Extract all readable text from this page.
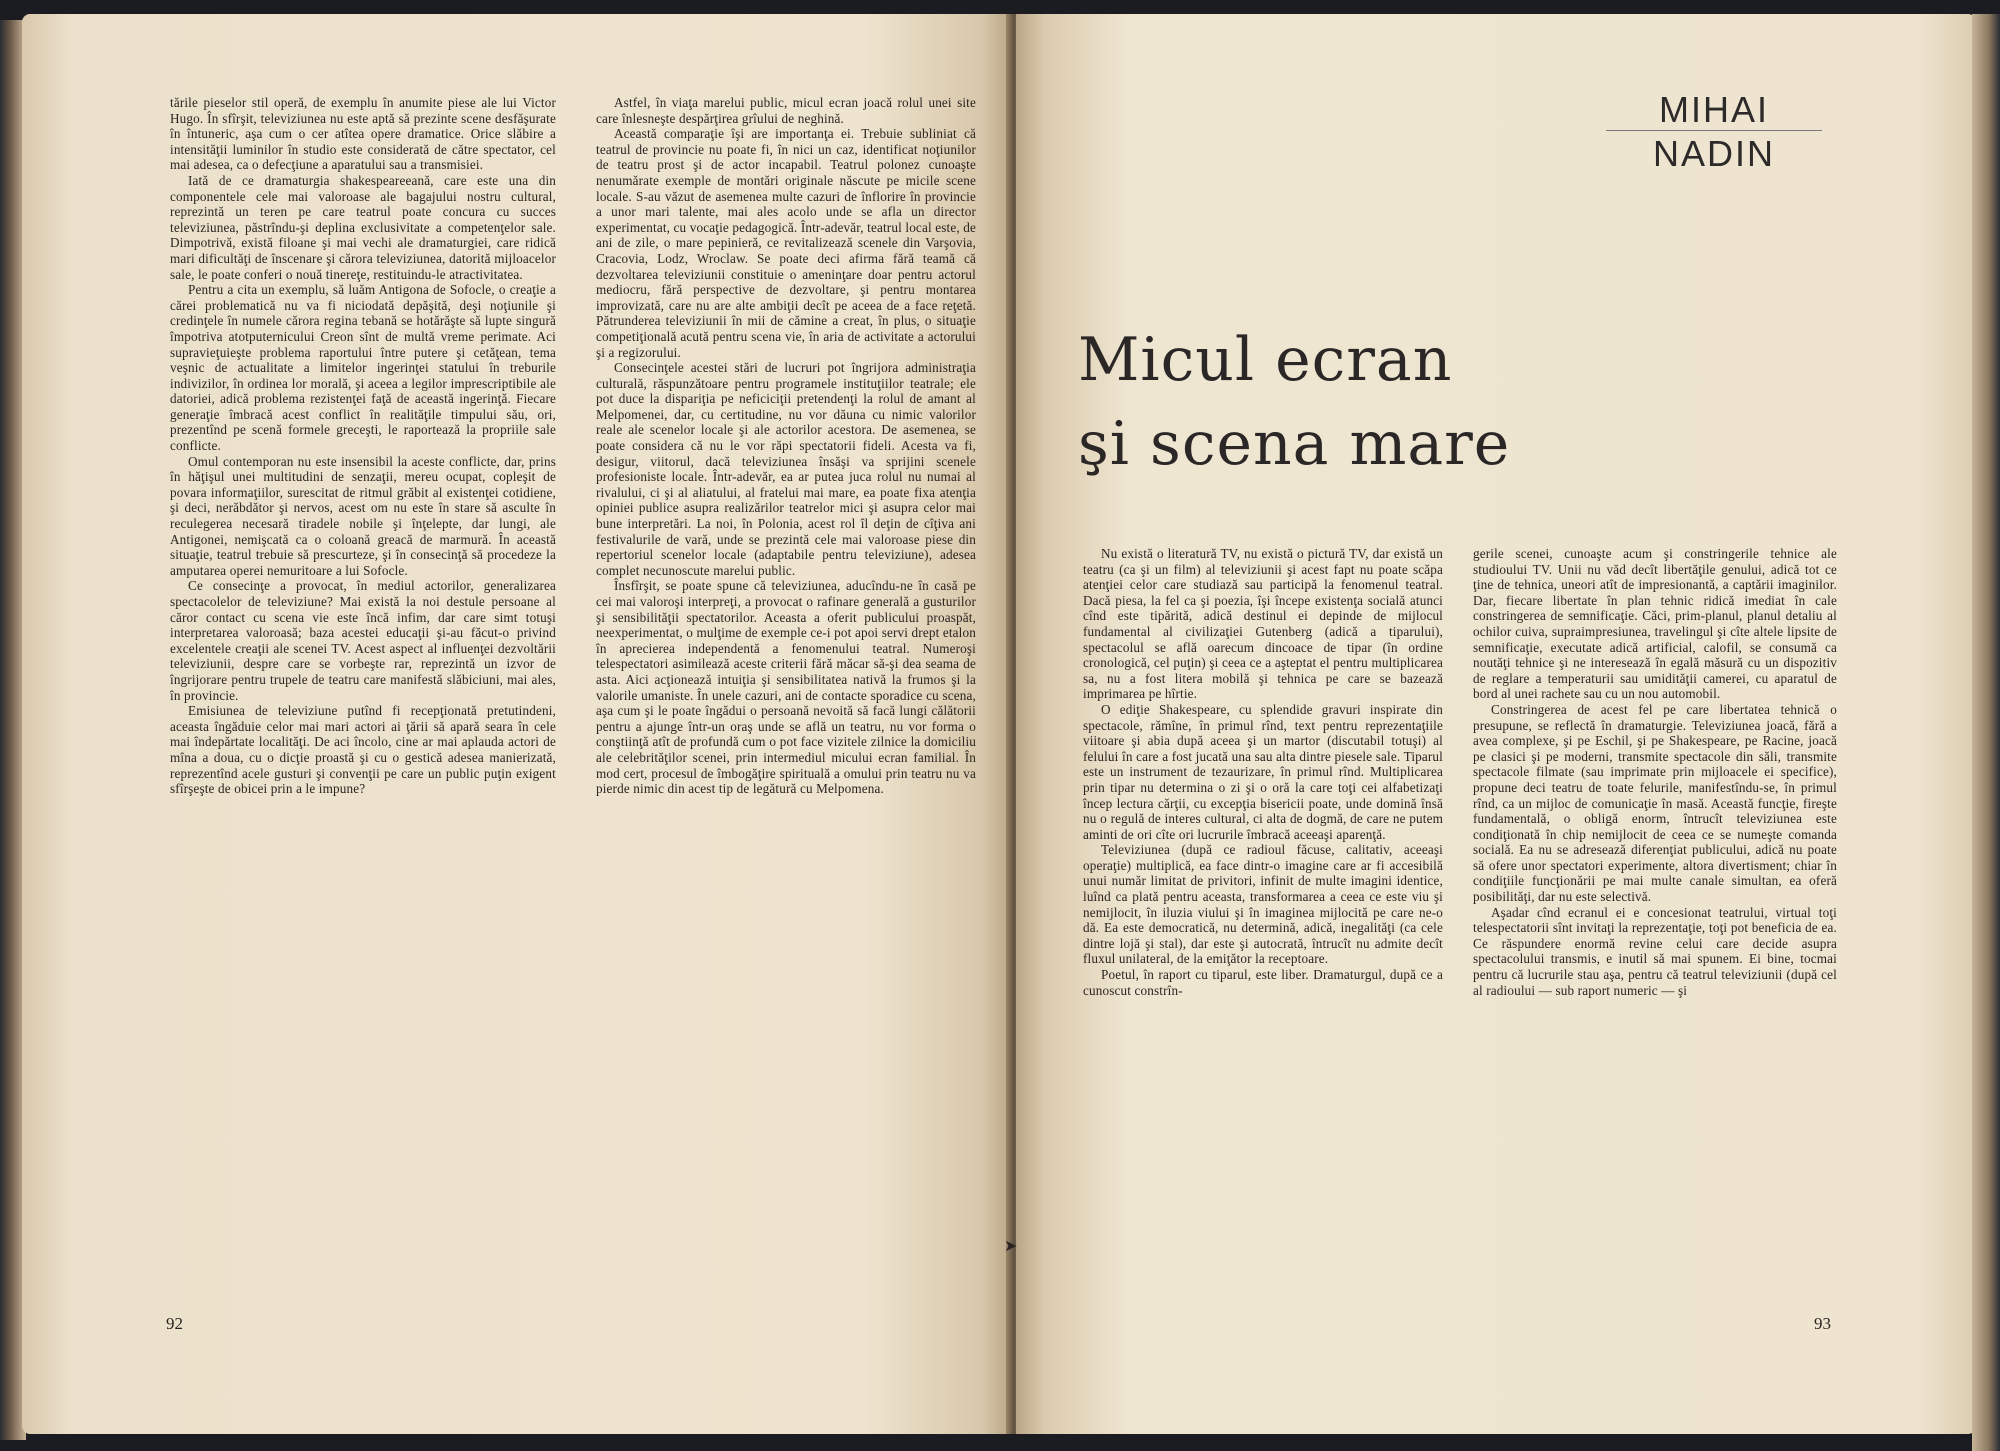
tările pieselor stil operă, de exemplu în anumite piese ale lui Victor Hugo. În sfîrşit, televiziunea nu este aptă să prezinte scene desfăşurate în întuneric, aşa cum o cer atîtea opere dramatice. Orice slăbire a intensităţii luminilor în studio este considerată de către spectator, cel mai adesea, ca o defecţiune a aparatului sau a transmisiei.

Iată de ce dramaturgia shakespeareeană, care este una din componentele cele mai valoroase ale bagajului nostru cultural, reprezintă un teren pe care teatrul poate concura cu succes televiziunea, păstrîndu-şi deplina exclusivitate a competenţelor sale. Dimpotrivă, există filoane şi mai vechi ale dramaturgiei, care ridică mari dificultăţi de înscenare şi cărora televiziunea, datorită mijloacelor sale, le poate conferi o nouă tinereţe, restituindu-le atractivitatea.

Pentru a cita un exemplu, să luăm Antigona de Sofocle, o creaţie a cărei problematică nu va fi niciodată depăşită, deşi noţiunile şi credinţele în numele cărora regina tebană se hotărăşte să lupte singură împotriva atotputernicului Creon sînt de multă vreme perimate. Aci supravieţuieşte problema raportului între putere şi cetăţean, tema veşnic de actualitate a limitelor ingerinţei statului în treburile indivizilor, în ordinea lor morală, şi aceea a legilor imprescriptibile ale datoriei, adică problema rezistenţei faţă de această ingerinţă. Fiecare generaţie îmbracă acest conflict în realităţile timpului său, ori, prezentînd pe scenă formele greceşti, le raportează la propriile sale conflicte.

Omul contemporan nu este insensibil la aceste conflicte, dar, prins în hăţişul unei multitudini de senzaţii, mereu ocupat, copleşit de povara informaţiilor, surescitat de ritmul grăbit al existenţei cotidiene, şi deci, nerăbdător şi nervos, acest om nu este în stare să asculte în reculegerea necesară tiradele nobile şi înţelepte, dar lungi, ale Antigonei, nemişcată ca o coloană greacă de marmură. În această situaţie, teatrul trebuie să prescurteze, şi în consecinţă să procedeze la amputarea operei nemuritoare a lui Sofocle.

Ce consecinţe a provocat, în mediul actorilor, generalizarea spectacolelor de televiziune? Mai există la noi destule persoane al căror contact cu scena vie este încă infim, dar care simt totuşi interpretarea valoroasă; baza acestei educaţii şi-au făcut-o privind excelentele creaţii ale scenei TV. Acest aspect al influenţei dezvoltării televiziunii, despre care se vorbeşte rar, reprezintă un izvor de îngrijorare pentru trupele de teatru care manifestă slăbiciuni, mai ales, în provincie.

Emisiunea de televiziune putînd fi recepţionată pretutindeni, aceasta îngăduie celor mai mari actori ai ţării să apară seara în cele mai îndepărtate localităţi. De aci încolo, cine ar mai aplauda actori de mîna a doua, cu o dicţie proastă şi cu o gestică adesea manierizată, reprezentînd acele gusturi şi convenţii pe care un public puţin exigent sfîrşeşte de obicei prin a le impune?

Astfel, în viaţa marelui public, micul ecran joacă rolul unei site care înlesneşte despărţirea grîului de neghină.

Această comparaţie îşi are importanţa ei. Trebuie subliniat că teatrul de provincie nu poate fi, în nici un caz, identificat noţiunilor de teatru prost şi de actor incapabil. Teatrul polonez cunoaşte nenumărate exemple de montări originale născute pe micile scene locale. S-au văzut de asemenea multe cazuri de înflorire în provincie a unor mari talente, mai ales acolo unde se afla un director experimentat, cu vocaţie pedagogică. Într-adevăr, teatrul local este, de ani de zile, o mare pepinieră, ce revitalizează scenele din Varşovia, Cracovia, Lodz, Wroclaw. Se poate deci afirma fără teamă că dezvoltarea televiziunii constituie o ameninţare doar pentru actorul mediocru, fără perspective de dezvoltare, şi pentru montarea improvizată, care nu are alte ambiţii decît pe aceea de a face reţetă. Pătrunderea televiziunii în mii de cămine a creat, în plus, o situaţie competiţională acută pentru scena vie, în aria de activitate a actorului şi a regizorului.

Consecinţele acestei stări de lucruri pot îngrijora administraţia culturală, răspunzătoare pentru programele instituţiilor teatrale; ele pot duce la dispariţia pe neficiciţii pretendenţi la rolul de amant al Melpomenei, dar, cu certitudine, nu vor dăuna cu nimic valorilor reale ale scenelor locale şi ale actorilor acestora. De asemenea, se poate considera că nu le vor răpi spectatorii fideli. Acesta va fi, desigur, viitorul, dacă televiziunea însăşi va sprijini scenele profesioniste locale. Într-adevăr, ea ar putea juca rolul nu numai al rivalului, ci şi al aliatului, al fratelui mai mare, ea poate fixa atenţia opiniei publice asupra realizărilor teatrelor mici şi asupra celor mai bune interpretări. La noi, în Polonia, acest rol îl deţin de cîţiva ani festivalurile de vară, unde se prezintă cele mai valoroase piese din repertoriul scenelor locale (adaptabile pentru televiziune), adesea complet necunoscute marelui public.

Însfîrşit, se poate spune că televiziunea, aducîndu-ne în casă pe cei mai valoroşi interpreţi, a provocat o rafinare generală a gusturilor şi sensibilităţii spectatorilor. Aceasta a oferit publicului proaspăt, neexperimentat, o mulţime de exemple ce-i pot apoi servi drept etalon în aprecierea independentă a fenomenului teatral. Numeroşi telespectatori asimilează aceste criterii fără măcar să-şi dea seama de asta. Aici acţionează intuiţia şi sensibilitatea nativă la frumos şi la valorile umaniste. În unele cazuri, ani de contacte sporadice cu scena, aşa cum şi le poate îngădui o persoană nevoită să facă lungi călătorii pentru a ajunge într-un oraş unde se află un teatru, nu vor forma o conştiinţă atît de profundă cum o pot face vizitele zilnice la domiciliu ale celebrităţilor scenei, prin intermediul micului ecran familial. În mod cert, procesul de îmbogăţire spirituală a omului prin teatru nu va pierde nimic din acest tip de legătură cu Melpomena.

92
MIHAI
NADIN
Micul ecran
şi scena mare

Nu există o literatură TV, nu există o pictură TV, dar există un teatru (ca şi un film) al televiziunii şi acest fapt nu poate scăpa atenţiei celor care studiază sau participă la fenomenul teatral. Dacă piesa, la fel ca şi poezia, îşi începe existenţa socială atunci cînd este tipărită, adică destinul ei depinde de mijlocul fundamental al civilizaţiei Gutenberg (adică a tiparului), spectacolul se află oarecum dincoace de tipar (în ordine cronologică, cel puţin) şi ceea ce a aşteptat el pentru multiplicarea sa, nu a fost litera mobilă şi tehnica pe care se bazează imprimarea pe hîrtie.

O ediţie Shakespeare, cu splendide gravuri inspirate din spectacole, rămîne, în primul rînd, text pentru reprezentaţiile viitoare şi abia după aceea şi un martor (discutabil totuşi) al felului în care a fost jucată una sau alta dintre piesele sale. Tiparul este un instrument de tezaurizare, în primul rînd. Multiplicarea prin tipar nu determina o zi şi o oră la care toţi cei alfabetizaţi încep lectura cărţii, cu excepţia bisericii poate, unde domină însă nu o regulă de interes cultural, ci alta de dogmă, de care ne putem aminti de ori cîte ori lucrurile îmbracă aceeaşi aparenţă.

Televiziunea (după ce radioul făcuse, calitativ, aceeaşi operaţie) multiplică, ea face dintr-o imagine care ar fi accesibilă unui număr limitat de privitori, infinit de multe imagini identice, luînd ca plată pentru aceasta, transformarea a ceea ce este viu şi nemijlocit, în iluzia viului şi în imaginea mijlocită pe care ne-o dă. Ea este democratică, nu determină, adică, inegalităţi (ca cele dintre lojă şi stal), dar este şi autocrată, întrucît nu admite decît fluxul unilateral, de la emiţător la receptoare.

Poetul, în raport cu tiparul, este liber. Dramaturgul, după ce a cunoscut constrîn-

gerile scenei, cunoaşte acum şi constringerile tehnice ale studioului TV. Unii nu văd decît libertăţile genului, adică tot ce ţine de tehnica, uneori atît de impresionantă, a captării imaginilor. Dar, fiecare libertate în plan tehnic ridică imediat în cale constringerea de semnificaţie. Căci, prim-planul, planul detaliu al ochilor cuiva, supraimpresiunea, travelingul şi cîte altele lipsite de semnificaţie, executate adică artificial, calofil, se consumă ca noutăţi tehnice şi ne interesează în egală măsură cu un dispozitiv de reglare a temperaturii sau umidităţii camerei, cu aparatul de bord al unei rachete sau cu un nou automobil.

Constringerea de acest fel pe care libertatea tehnică o presupune, se reflectă în dramaturgie. Televiziunea joacă, fără a avea complexe, şi pe Eschil, şi pe Shakespeare, pe Racine, joacă pe clasici şi pe moderni, transmite spectacole din săli, transmite spectacole filmate (sau imprimate prin mijloacele ei specifice), propune deci teatru de toate felurile, manifestîndu-se, în primul rînd, ca un mijloc de comunicaţie în masă. Această funcţie, fireşte fundamentală, o obligă enorm, întrucît televiziunea este condiţionată în chip nemijlocit de ceea ce se numeşte comanda socială. Ea nu se adresează diferenţiat publicului, adică nu poate să ofere unor spectatori experimente, altora divertisment; chiar în condiţiile funcţionării pe mai multe canale simultan, ea oferă posibilităţi, dar nu este selectivă.

Aşadar cînd ecranul ei e concesionat teatrului, virtual toţi telespectatorii sînt invitaţi la reprezentaţie, toţi pot beneficia de ea. Ce răspundere enormă revine celui care decide asupra spectacolului transmis, e inutil să mai spunem. Ei bine, tocmai pentru că lucrurile stau aşa, pentru că teatrul televiziunii (după cel al radioului — sub raport numeric — şi

➤
93
